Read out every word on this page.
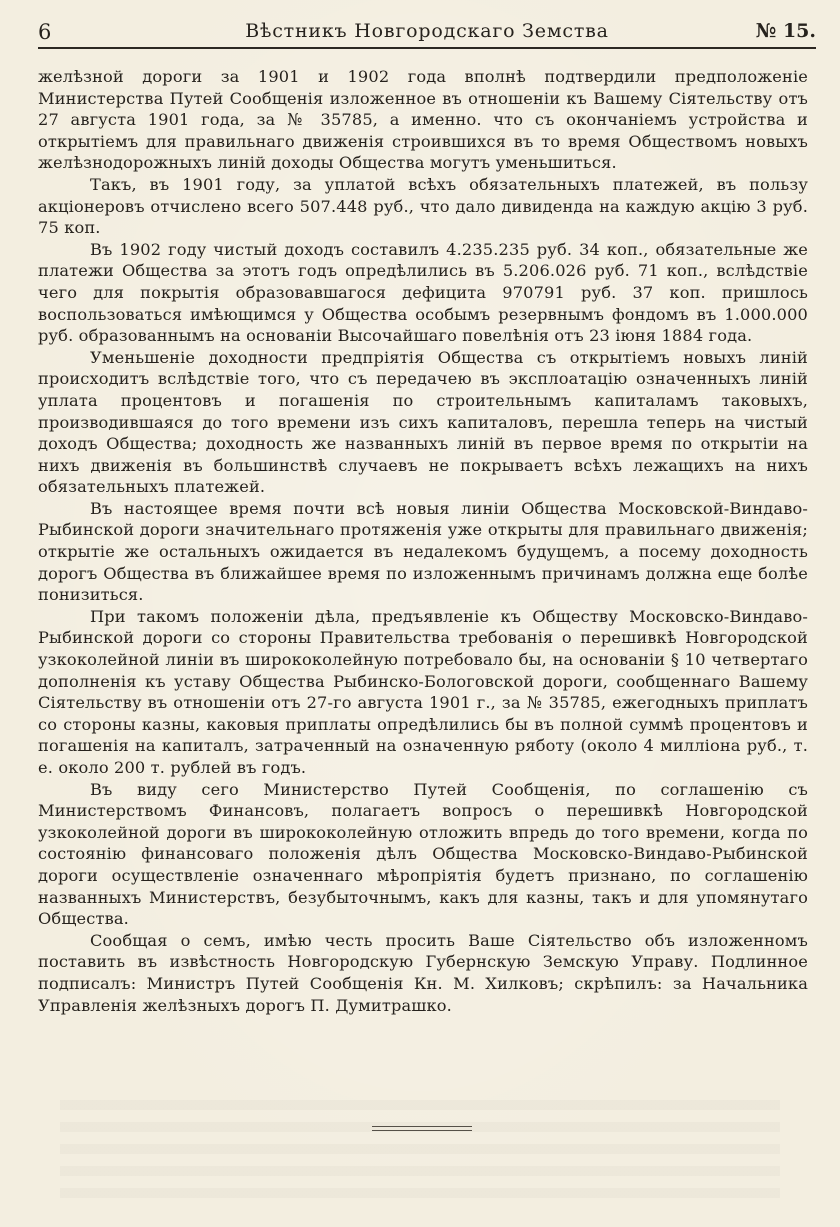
6	Вѣстникъ Новгородскаго Земства	№ 15.

желѣзной дороги за 1901 и 1902 года вполнѣ подтвердили предположеніе Министерства Путей Сообщенія изложенное въ отношеніи къ Вашему Сіятельству отъ 27 августа 1901 года, за № 35785, а именно. что съ окончаніемъ устройства и открытіемъ для правильнаго движенія строившихся въ то время Обществомъ новыхъ желѣзнодорожныхъ линій доходы Общества могутъ уменьшиться.

Такъ, въ 1901 году, за уплатой всѣхъ обязательныхъ платежей, въ пользу акціонеровъ отчислено всего 507.448 руб., что дало дивиденда на каждую акцію 3 руб. 75 коп.

Въ 1902 году чистый доходъ составилъ 4.235.235 руб. 34 коп., обязательные же платежи Общества за этотъ годъ опредѣлились въ 5.206.026 руб. 71 коп., вслѣдствіе чего для покрытія образовавшагося дефицита 970791 руб. 37 коп. пришлось воспользоваться имѣющимся у Общества особымъ резервнымъ фондомъ въ 1.000.000 руб. образованнымъ на основаніи Высочайшаго повелѣнія отъ 23 іюня 1884 года.

Уменьшеніе доходности предпріятія Общества съ открытіемъ новыхъ линій происходитъ вслѣдствіе того, что съ передачею въ эксплоатацію означенныхъ линій уплата процентовъ и погашенія по строительнымъ капиталамъ таковыхъ, производившаяся до того времени изъ сихъ капиталовъ, перешла теперь на чистый доходъ Общества; доходность же названныхъ линій въ первое время по открытіи на нихъ движенія въ большинствѣ случаевъ не покрываетъ всѣхъ лежащихъ на нихъ обязательныхъ платежей.

Въ настоящее время почти всѣ новыя линіи Общества Московской-Виндаво-Рыбинской дороги значительнаго протяженія уже открыты для правильнаго движенія; открытіе же остальныхъ ожидается въ недалекомъ будущемъ, а посему доходность дорогъ Общества въ ближайшее время по изложеннымъ причинамъ должна еще болѣе понизиться.

При такомъ положеніи дѣла, предъявленіе къ Обществу Московско-Виндаво-Рыбинской дороги со стороны Правительства требованія о перешивкѣ Новгородской узкоколейной линіи въ ширококолейную потребовало бы, на основаніи § 10 четвертаго дополненія къ уставу Общества Рыбинско-Бологовской дороги, сообщеннаго Вашему Сіятельству въ отношеніи отъ 27-го августа 1901 г., за № 35785, ежегодныхъ приплатъ со стороны казны, каковыя приплаты опредѣлились бы въ полной суммѣ процентовъ и погашенія на капиталъ, затраченный на означенную ряботу (около 4 милліона руб., т. е. около 200 т. рублей въ годъ.

Въ виду сего Министерство Путей Сообщенія, по соглашенію съ Министерствомъ Финансовъ, полагаетъ вопросъ о перешивкѣ Новгородской узкоколейной дороги въ ширококолейную отложить впредь до того времени, когда по состоянію финансоваго положенія дѣлъ Общества Московско-Виндаво-Рыбинской дороги осуществленіе означеннаго мѣропріятія будетъ признано, по соглашенію названныхъ Министерствъ, безубыточнымъ, какъ для казны, такъ и для упомянутаго Общества.

Сообщая о семъ, имѣю честь просить Ваше Сіятельство объ изложенномъ поставить въ извѣстность Новгородскую Губернскую Земскую Управу. Подлинное подписалъ: Министръ Путей Сообщенія Кн. М. Хилковъ; скрѣпилъ: за Начальника Управленія желѣзныхъ дорогъ П. Думитрашко.
